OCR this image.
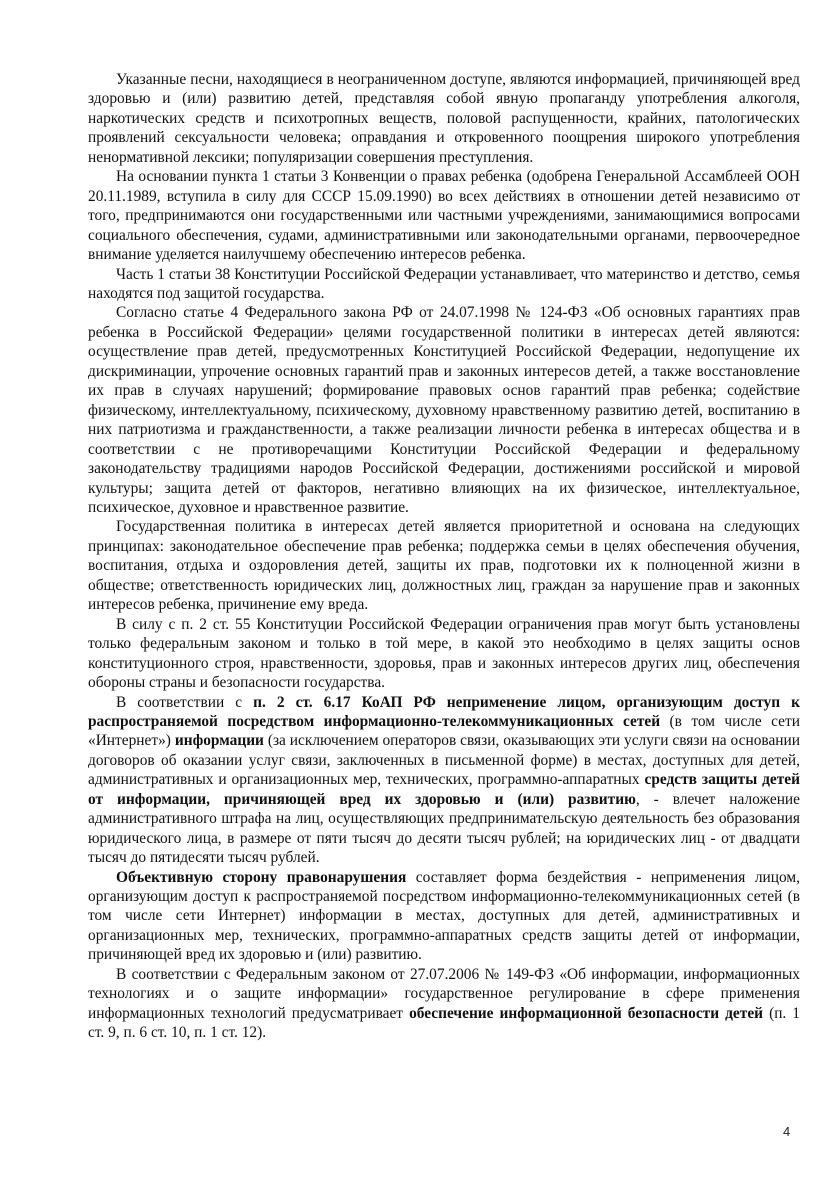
Указанные песни, находящиеся в неограниченном доступе, являются информацией, причиняющей вред здоровью и (или) развитию детей, представляя собой явную пропаганду употребления алкоголя, наркотических средств и психотропных веществ, половой распущенности, крайних, патологических проявлений сексуальности человека; оправдания и откровенного поощрения широкого употребления ненормативной лексики; популяризации совершения преступления.

На основании пункта 1 статьи 3 Конвенции о правах ребенка (одобрена Генеральной Ассамблеей ООН 20.11.1989, вступила в силу для СССР 15.09.1990) во всех действиях в отношении детей независимо от того, предпринимаются они государственными или частными учреждениями, занимающимися вопросами социального обеспечения, судами, административными или законодательными органами, первоочередное внимание уделяется наилучшему обеспечению интересов ребенка.

Часть 1 статьи 38 Конституции Российской Федерации устанавливает, что материнство и детство, семья находятся под защитой государства.

Согласно статье 4 Федерального закона РФ от 24.07.1998 № 124-ФЗ «Об основных гарантиях прав ребенка в Российской Федерации» целями государственной политики в интересах детей являются: осуществление прав детей, предусмотренных Конституцией Российской Федерации, недопущение их дискриминации, упрочение основных гарантий прав и законных интересов детей, а также восстановление их прав в случаях нарушений; формирование правовых основ гарантий прав ребенка; содействие физическому, интеллектуальному, психическому, духовному нравственному развитию детей, воспитанию в них патриотизма и гражданственности, а также реализации личности ребенка в интересах общества и в соответствии с не противоречащими Конституции Российской Федерации и федеральному законодательству традициями народов Российской Федерации, достижениями российской и мировой культуры; защита детей от факторов, негативно влияющих на их физическое, интеллектуальное, психическое, духовное и нравственное развитие.

Государственная политика в интересах детей является приоритетной и основана на следующих принципах: законодательное обеспечение прав ребенка; поддержка семьи в целях обеспечения обучения, воспитания, отдыха и оздоровления детей, защиты их прав, подготовки их к полноценной жизни в обществе; ответственность юридических лиц, должностных лиц, граждан за нарушение прав и законных интересов ребенка, причинение ему вреда.

В силу с п. 2 ст. 55 Конституции Российской Федерации ограничения прав могут быть установлены только федеральным законом и только в той мере, в какой это необходимо в целях защиты основ конституционного строя, нравственности, здоровья, прав и законных интересов других лиц, обеспечения обороны страны и безопасности государства.

В соответствии с п. 2 ст. 6.17 КоАП РФ неприменение лицом, организующим доступ к распространяемой посредством информационно-телекоммуникационных сетей (в том числе сети «Интернет») информации (за исключением операторов связи, оказывающих эти услуги связи на основании договоров об оказании услуг связи, заключенных в письменной форме) в местах, доступных для детей, административных и организационных мер, технических, программно-аппаратных средств защиты детей от информации, причиняющей вред их здоровью и (или) развитию, - влечет наложение административного штрафа на лиц, осуществляющих предпринимательскую деятельность без образования юридического лица, в размере от пяти тысяч до десяти тысяч рублей; на юридических лиц - от двадцати тысяч до пятидесяти тысяч рублей.

Объективную сторону правонарушения составляет форма бездействия - неприменения лицом, организующим доступ к распространяемой посредством информационно-телекоммуникационных сетей (в том числе сети Интернет) информации в местах, доступных для детей, административных и организационных мер, технических, программно-аппаратных средств защиты детей от информации, причиняющей вред их здоровью и (или) развитию.

В соответствии с Федеральным законом от 27.07.2006 № 149-ФЗ «Об информации, информационных технологиях и о защите информации» государственное регулирование в сфере применения информационных технологий предусматривает обеспечение информационной безопасности детей (п. 1 ст. 9, п. 6 ст. 10, п. 1 ст. 12).

4
